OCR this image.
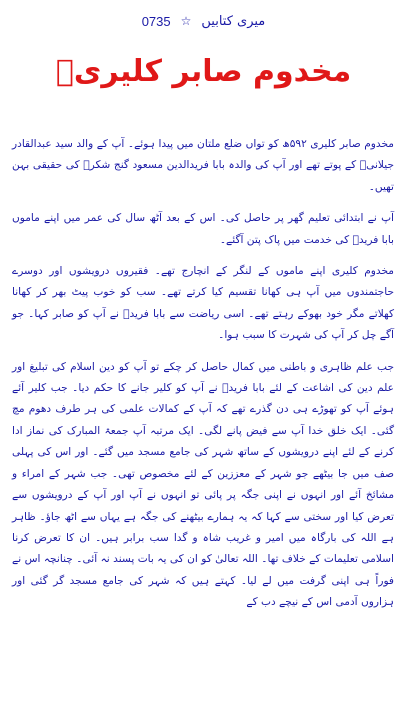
0735 ☆ میری کتابیں
مخدوم صابر کلیریؒ

مخدوم صابر کلیری ۵۹۲ھ کو تواں ضلع ملتان میں پیدا ہوئے۔ آپ کے والد سید عبدالقادر جیلانیؒ کے پوتے تھے اور آپ کی والدہ بابا فریدالدین مسعود گنج شکرؒ کی حقیقی بہن تھیں۔

آپ نے ابتدائی تعلیم گھر پر حاصل کی۔ اس کے بعد آٹھ سال کی عمر میں اپنے ماموں بابا فریدؒ کی خدمت میں پاک پتن آگئے۔

مخدوم کلیری اپنے ماموں کے لنگر کے انچارج تھے۔ فقیروں درویشوں اور دوسرے حاجتمندوں میں آپ ہی کھانا تقسیم کیا کرتے تھے۔ سب کو خوب پیٹ بھر کر کھانا کھلاتے مگر خود بھوکے رہتے تھے۔ اسی ریاضت سے بابا فریدؒ نے آپ کو صابر کہا۔ جو آگے چل کر آپ کی شہرت کا سبب ہوا۔

جب علم ظاہری و باطنی میں کمال حاصل کر چکے تو آپ کو دین اسلام کی تبلیغ اور علم دین کی اشاعت کے لئے بابا فریدؒ نے آپ کو کلیر جانے کا حکم دیا۔ جب کلیر آئے ہوئے آپ کو تھوڑے ہی دن گذرے تھے کہ آپ کے کمالات علمی کی ہر طرف دھوم مچ گئی۔ ایک خلق خدا آپ سے فیض پانے لگی۔ ایک مرتبہ آپ جمعۃ المبارک کی نماز ادا کرنے کے لئے اپنے درویشوں کے ساتھ شہر کی جامع مسجد میں گئے۔ اور اس کی پہلی صف میں جا بیٹھے جو شہر کے معززین کے لئے مخصوص تھی۔ جب شہر کے امراء و مشائخ آئے اور انہوں نے اپنی جگہ پر پائی تو انہوں نے آپ اور آپ کے درویشوں سے تعرض کیا اور سختی سے کہا کہ یہ ہمارے بیٹھنے کی جگہ ہے یہاں سے اٹھ جاؤ۔ ظاہر ہے اللہ کی بارگاہ میں امیر و غریب شاہ و گدا سب برابر ہیں۔ ان کا تعرض کرنا اسلامی تعلیمات کے خلاف تھا۔ اللہ تعالیٰ کو ان کی یہ بات پسند نہ آئی۔ چنانچہ اس نے فوراً ہی اپنی گرفت میں لے لیا۔ کہتے ہیں کہ شہر کی جامع مسجد گر گئی اور ہزاروں آدمی اس کے نیچے دب کے
